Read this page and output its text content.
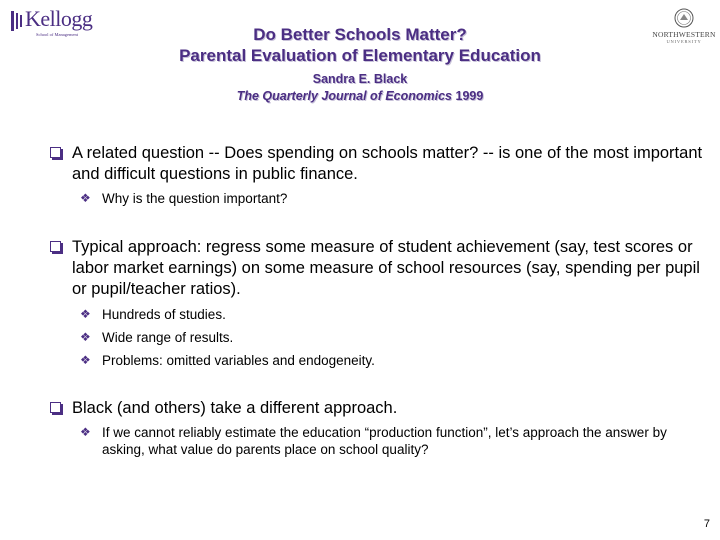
Kellogg
School of Management	NORTHWESTERN
UNIVERSITY
Do Better Schools Matter?
Parental Evaluation of Elementary Education
Sandra E. Black
The Quarterly Journal of Economics 1999
A related question -- Does spending on schools matter? -- is one of the most important and difficult questions in public finance.
❖ Why is the question important?
Typical approach: regress some measure of student achievement (say, test scores or labor market earnings) on some measure of school resources (say, spending per pupil or pupil/teacher ratios).
❖ Hundreds of studies.
❖ Wide range of results.
❖ Problems: omitted variables and endogeneity.
Black (and others) take a different approach.
❖ If we cannot reliably estimate the education “production function”, let’s approach the answer by asking, what value do parents place on school quality?
7
